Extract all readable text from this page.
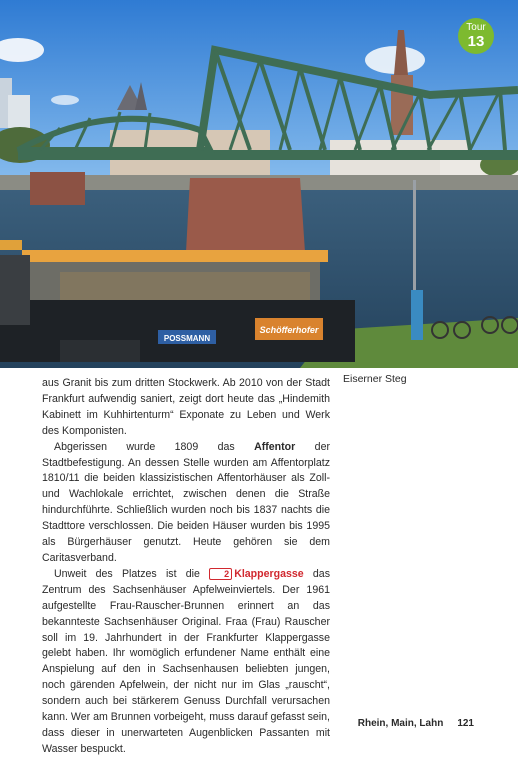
Schöfferhofer
POSSMANN
Tour
13
Eiserner Steg

aus Granit bis zum dritten Stockwerk. Ab 2010 von der Stadt Frankfurt aufwendig saniert, zeigt dort heute das „Hindemith Kabinett im Kuhhirtenturm“ Exponate zu Leben und Werk des Komponisten.

Abgerissen wurde 1809 das Affentor der Stadtbefestigung. An dessen Stelle wurden am Affentorplatz 1810/11 die beiden klassizistischen Affentorhäuser als Zoll- und Wachlokale errichtet, zwischen denen die Straße hindurchführte. Schließlich wurden noch bis 1837 nachts die Stadttore verschlossen. Die beiden Häuser wurden bis 1995 als Bürgerhäuser genutzt. Heute gehören sie dem Caritasverband.

Unweit des Platzes ist die 2 Klappergasse das Zentrum des Sachsenhäuser Apfelweinviertels. Der 1961 aufgestellte Frau-Rauscher-Brunnen erinnert an das bekannteste Sachsenhäuser Original. Fraa (Frau) Rauscher soll im 19. Jahrhundert in der Frankfurter Klappergasse gelebt haben. Ihr womöglich erfundener Name enthält eine Anspielung auf den in Sachsenhausen beliebten jungen, noch gärenden Apfelwein, der nicht nur im Glas „rauscht“, sondern auch bei stärkerem Genuss Durchfall verursachen kann. Wer am Brunnen vorbeigeht, muss darauf gefasst sein, dass dieser in unerwarteten Augenblicken Passanten mit Wasser bespuckt.

Rhein, Main, Lahn 121
